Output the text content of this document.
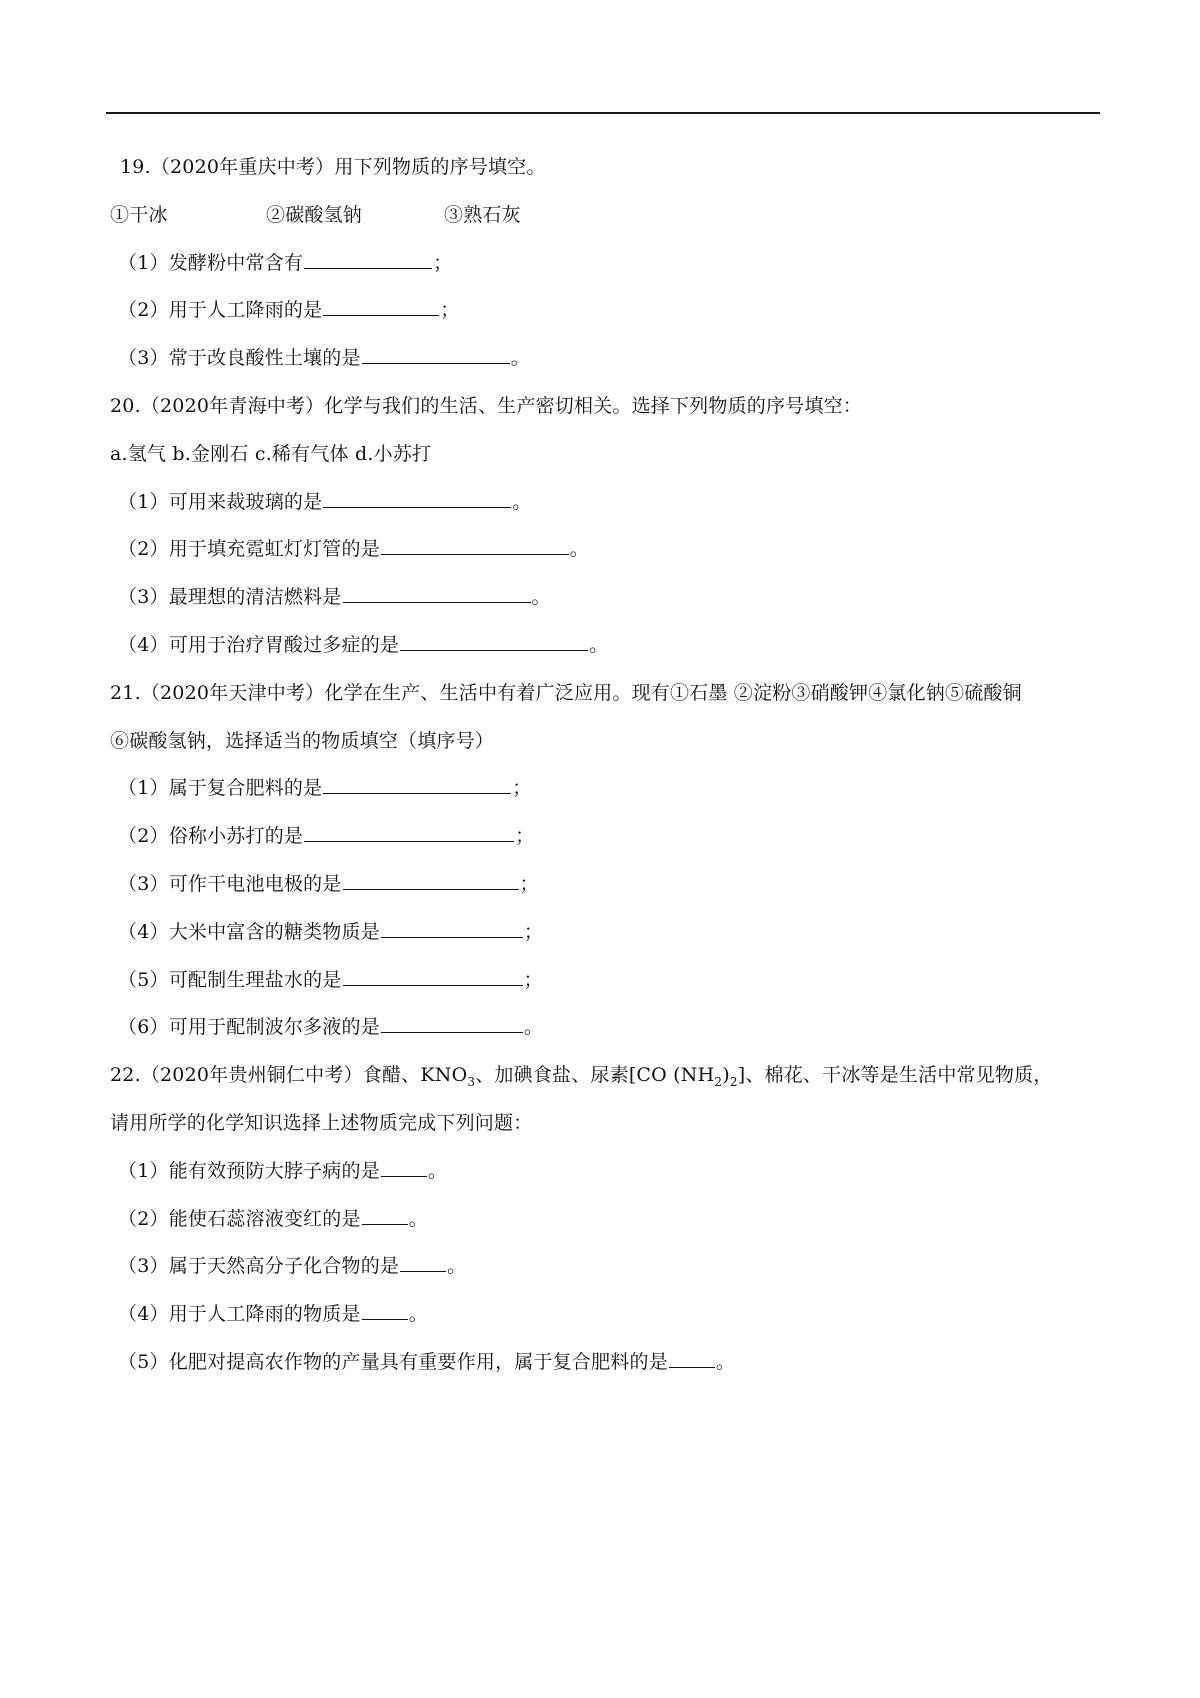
19.（2020年重庆中考）用下列物质的序号填空。
①干冰	②碳酸氢钠	③熟石灰
（1）发酵粉中常含有	；
（2）用于人工降雨的是	；
（3）常于改良酸性土壤的是	。
20.（2020年青海中考）化学与我们的生活、生产密切相关。选择下列物质的序号填空：
a.氢气 b.金刚石 c.稀有气体 d.小苏打
（1）可用来裁玻璃的是	。
（2）用于填充霓虹灯灯管的是	。
（3）最理想的清洁燃料是	。
（4）可用于治疗胃酸过多症的是	。
21.（2020年天津中考）化学在生产、生活中有着广泛应用。现有①石墨 ②淀粉③硝酸钾④氯化钠⑤硫酸铜
⑥碳酸氢钠，选择适当的物质填空（填序号）
（1）属于复合肥料的是	；
（2）俗称小苏打的是	；
（3）可作干电池电极的是	；
（4）大米中富含的糖类物质是	；
（5）可配制生理盐水的是	；
（6）可用于配制波尔多液的是	。
22.（2020年贵州铜仁中考）食醋、$KNO_3$、加碘食盐、尿素[CO $(NH_2)_2$]、棉花、干冰等是生活中常见物质，
请用所学的化学知识选择上述物质完成下列问题：
（1）能有效预防大脖子病的是	。
（2）能使石蕊溶液变红的是	。
（3）属于天然高分子化合物的是	。
（4）用于人工降雨的物质是	。
（5）化肥对提高农作物的产量具有重要作用，属于复合肥料的是	。
